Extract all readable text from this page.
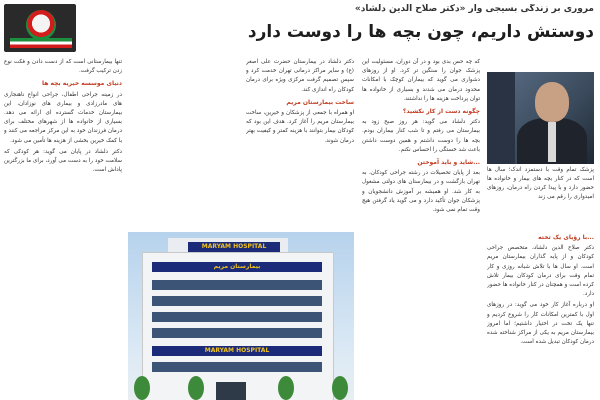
مروری بر زندگی بسیجی وار «دکتر صلاح الدین دلشاد»
دوستش داریم، چون بچه ها را دوست دارد
پزشک تمام وقت با دستمزد اندک؛ سال ها است که در کنار بچه های بیمار و خانواده ها حضور دارد و با پیدا کردن راه درمان، روزهای امیدواری را رقم می زند
...با رؤیای یک تخته

دکتر صلاح الدین دلشاد، متخصص جراحی کودکان و از پایه گذاران بیمارستان مریم است. او سال ها با تلاش شبانه روزی و کار تمام وقت برای درمان کودکان بیمار تلاش کرده است و همچنان در کنار خانواده ها حضور دارد.

او درباره آغاز کار خود می گوید: در روزهای اول با کمترین امکانات کار را شروع کردیم و تنها یک تخت در اختیار داشتیم؛ اما امروز بیمارستان مریم به یکی از مراکز شناخته شده درمان کودکان تبدیل شده است.

که چه حس بدی بود و در آن دوران، مسئولیت این پزشک جوان را سنگین تر کرد. او از روزهای دشواری می گوید که بیماران کوچک با امکانات محدود درمان می شدند و بسیاری از خانواده ها توان پرداخت هزینه ها را نداشتند.

چگونه دست از کار نکشید؟

دکتر دلشاد می گوید: هر روز صبح زود به بیمارستان می رفتم و تا شب کنار بیماران بودم. بچه ها را دوست داشتم و همین دوست داشتن باعث شد خستگی را احساس نکنم.

...شاید و باید آموختن

بعد از پایان تحصیلات در رشته جراحی کودکان، به تهران بازگشت و در بیمارستان های دولتی مشغول به کار شد. او همیشه بر آموزش دانشجویان و پزشکان جوان تأکید دارد و می گوید یاد گرفتن هیچ وقت تمام نمی شود.

دکتر دلشاد در بیمارستان حضرت علی اصغر (ع) و سایر مراکز درمانی تهران خدمت کرد و سپس تصمیم گرفت مرکزی ویژه برای درمان کودکان راه اندازی کند.

ساخت بیمارستان مریم

او همراه با جمعی از پزشکان و خیرین، ساخت بیمارستان مریم را آغاز کرد. هدف این بود که کودکان بیمار بتوانند با هزینه کمتر و کیفیت بهتر درمان شوند.

تنها بیمارستانی است که از دست دادن و فکت نوع زدن ترکیب گرفت.

دنیای موسسه خیریه بچه ها

در زمینه جراحی اطفال، جراحی انواع ناهنجاری های مادرزادی و بیماری های نوزادان، این بیمارستان خدمات گسترده ای ارائه می دهد. بسیاری از خانواده ها از شهرهای مختلف برای درمان فرزندان خود به این مرکز مراجعه می کنند و با کمک خیرین بخشی از هزینه ها تأمین می شود.

دکتر دلشاد در پایان می گوید: هر کودکی که سلامت خود را به دست می آورد، برای ما بزرگترین پاداش است.

MARYAM HOSPITAL
بیمارستان مریم
MARYAM HOSPITAL
